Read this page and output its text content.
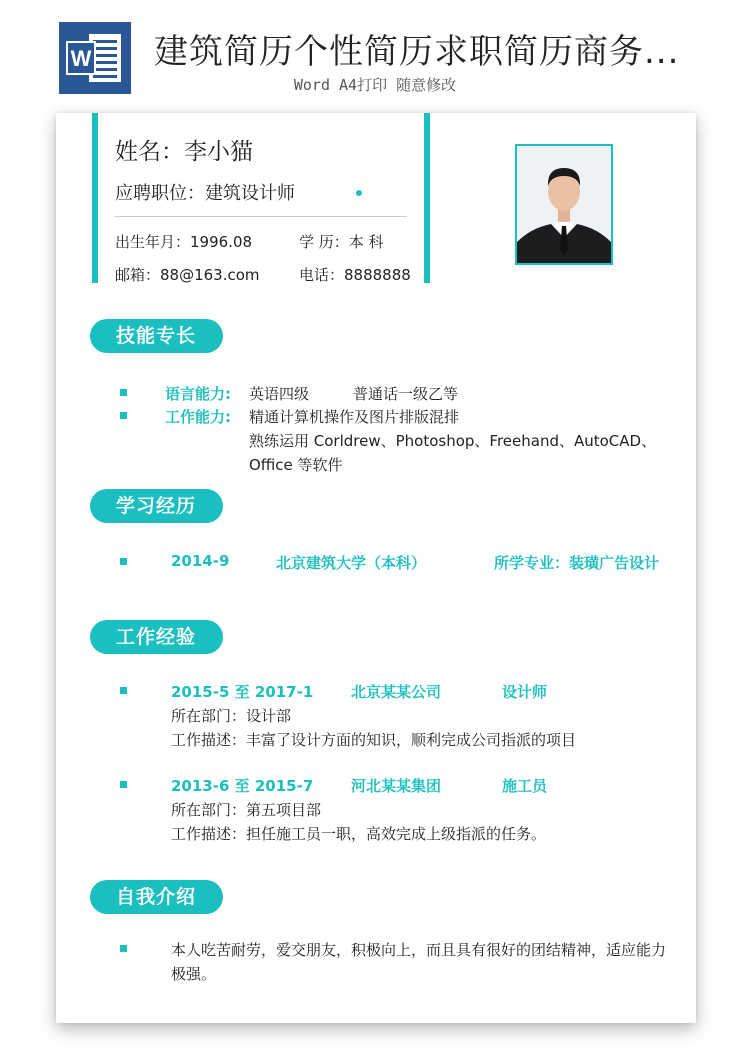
W 建筑简历个性简历求职简历商务...
Word A4打印 随意修改
姓名：李小猫
应聘职位：建筑设计师
出生年月：1996.08	学 历：本 科
邮箱：88@163.com	电话：8888888
技能专长
语言能力: 英语四级	普通话一级乙等
工作能力: 精通计算机操作及图片排版混排
熟练运用 Corldrew、Photoshop、Freehand、AutoCAD、
Office 等软件
学习经历
2014-9	北京建筑大学（本科）	所学专业：装璜广告设计
工作经验
2015-5 至 2017-1	北京某某公司	设计师
所在部门：设计部
工作描述：丰富了设计方面的知识，顺利完成公司指派的项目
2013-6 至 2015-7	河北某某集团	施工员
所在部门：第五项目部
工作描述：担任施工员一职，高效完成上级指派的任务。
自我介绍
本人吃苦耐劳，爱交朋友，积极向上，而且具有很好的团结精神，适应能力
极强。
